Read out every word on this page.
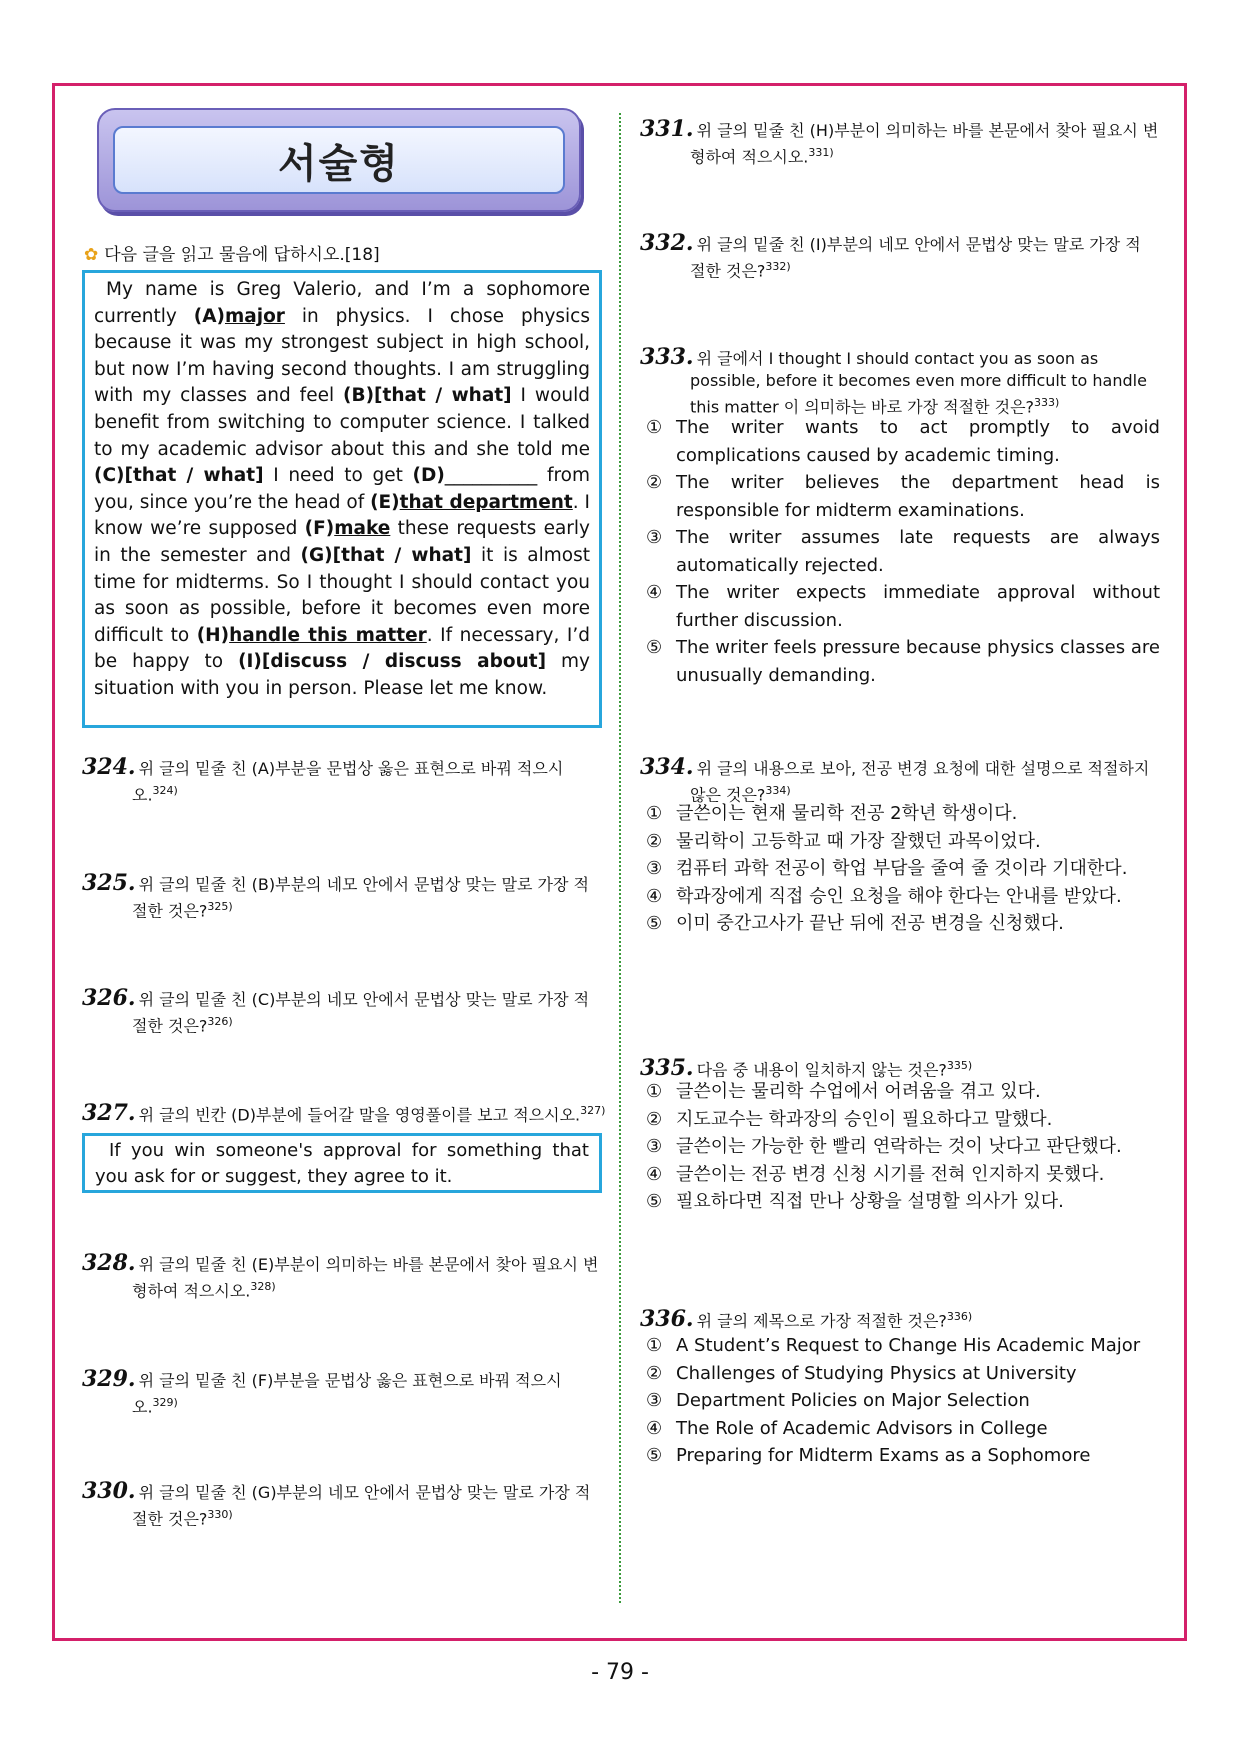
서술형
✿ 다음 글을 읽고 물음에 답하시오.[18]
My name is Greg Valerio, and I’m a sophomore currently (A)major in physics. I chose physics because it was my strongest subject in high school, but now I’m having second thoughts. I am struggling with my classes and feel (B)[that / what] I would benefit from switching to computer science. I talked to my academic advisor about this and she told me (C)[that / what] I need to get (D)__________ from you, since you’re the head of (E)that department. I know we’re supposed (F)make these requests early in the semester and (G)[that / what] it is almost time for midterms. So I thought I should contact you as soon as possible, before it becomes even more difficult to (H)handle this matter. If necessary, I’d be happy to (I)[discuss / discuss about] my situation with you in person. Please let me know.
324. 위 글의 밑줄 친 (A)부분을 문법상 옳은 표현으로 바꿔 적으시
오.$^{324)}$
325. 위 글의 밑줄 친 (B)부분의 네모 안에서 문법상 맞는 말로 가장 적
절한 것은?$^{325)}$
326. 위 글의 밑줄 친 (C)부분의 네모 안에서 문법상 맞는 말로 가장 적
절한 것은?$^{326)}$
327. 위 글의 빈칸 (D)부분에 들어갈 말을 영영풀이를 보고 적으시오.$^{327)}$
If you win someone's approval for something that you ask for or suggest, they agree to it.
328. 위 글의 밑줄 친 (E)부분이 의미하는 바를 본문에서 찾아 필요시 변
형하여 적으시오.$^{328)}$
329. 위 글의 밑줄 친 (F)부분을 문법상 옳은 표현으로 바꿔 적으시
오.$^{329)}$
330. 위 글의 밑줄 친 (G)부분의 네모 안에서 문법상 맞는 말로 가장 적
절한 것은?$^{330)}$
331. 위 글의 밑줄 친 (H)부분이 의미하는 바를 본문에서 찾아 필요시 변
형하여 적으시오.$^{331)}$
332. 위 글의 밑줄 친 (I)부분의 네모 안에서 문법상 맞는 말로 가장 적
절한 것은?$^{332)}$
333. 위 글에서 I thought I should contact you as soon as
possible, before it becomes even more difficult to handle this matter 이 의미하는 바로 가장 적절한 것은?$^{333)}$
① The writer wants to act promptly to avoid complications caused by academic timing.
② The writer believes the department head is responsible for midterm examinations.
③ The writer assumes late requests are always automatically rejected.
④ The writer expects immediate approval without further discussion.
⑤ The writer feels pressure because physics classes are unusually demanding.
334. 위 글의 내용으로 보아, 전공 변경 요청에 대한 설명으로 적절하지
않은 것은?$^{334)}$
① 글쓴이는 현재 물리학 전공 2학년 학생이다.
② 물리학이 고등학교 때 가장 잘했던 과목이었다.
③ 컴퓨터 과학 전공이 학업 부담을 줄여 줄 것이라 기대한다.
④ 학과장에게 직접 승인 요청을 해야 한다는 안내를 받았다.
⑤ 이미 중간고사가 끝난 뒤에 전공 변경을 신청했다.
335. 다음 중 내용이 일치하지 않는 것은?$^{335)}$
① 글쓴이는 물리학 수업에서 어려움을 겪고 있다.
② 지도교수는 학과장의 승인이 필요하다고 말했다.
③ 글쓴이는 가능한 한 빨리 연락하는 것이 낫다고 판단했다.
④ 글쓴이는 전공 변경 신청 시기를 전혀 인지하지 못했다.
⑤ 필요하다면 직접 만나 상황을 설명할 의사가 있다.
336. 위 글의 제목으로 가장 적절한 것은?$^{336)}$
① A Student’s Request to Change His Academic Major
② Challenges of Studying Physics at University
③ Department Policies on Major Selection
④ The Role of Academic Advisors in College
⑤ Preparing for Midterm Exams as a Sophomore
- 79 -
